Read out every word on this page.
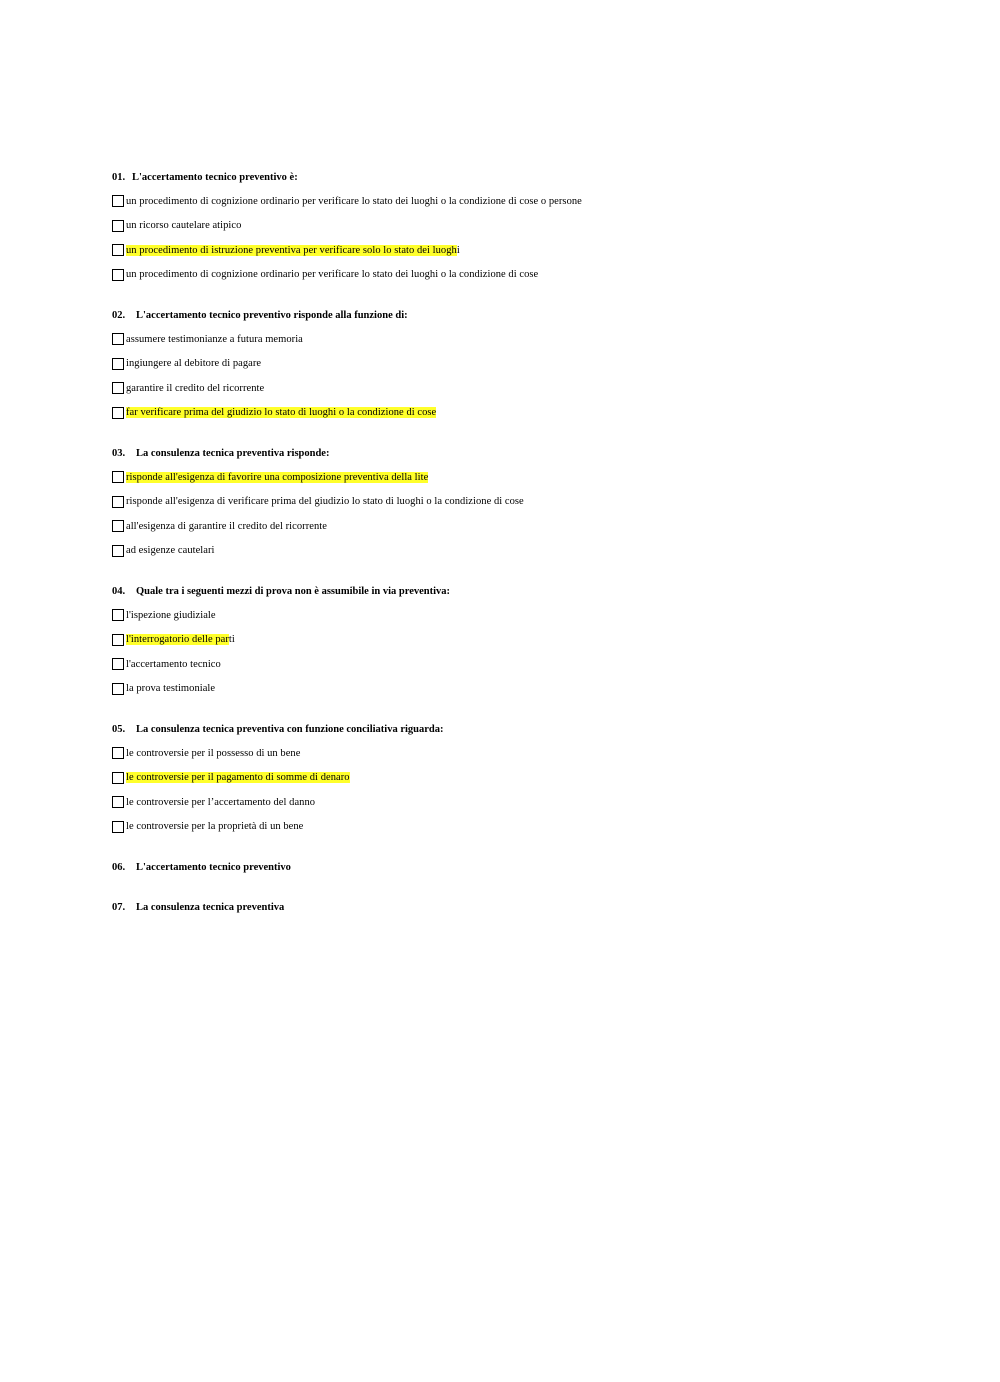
01. L'accertamento tecnico preventivo è:
un procedimento di cognizione ordinario per verificare lo stato dei luoghi o la condizione di cose o persone
un ricorso cautelare atipico
un procedimento di istruzione preventiva per verificare solo lo stato dei luoghi
un procedimento di cognizione ordinario per verificare lo stato dei luoghi o la condizione di cose
02. L'accertamento tecnico preventivo risponde alla funzione di:
assumere testimonianze a futura memoria
ingiungere al debitore di pagare
garantire il credito del ricorrente
far verificare prima del giudizio lo stato di luoghi o la condizione di cose
03. La consulenza tecnica preventiva risponde:
risponde all'esigenza di favorire una composizione preventiva della lite
risponde all'esigenza di verificare prima del giudizio lo stato di luoghi o la condizione di cose
all'esigenza di garantire il credito del ricorrente
ad esigenze cautelari
04. Quale tra i seguenti mezzi di prova non è assumibile in via preventiva:
l'ispezione giudiziale
l'interrogatorio delle parti
l'accertamento tecnico
la prova testimoniale
05. La consulenza tecnica preventiva con funzione conciliativa riguarda:
le controversie per il possesso di un bene
le controversie per il pagamento di somme di denaro
le controversie per l’accertamento del danno
le controversie per la proprietà di un bene
06. L'accertamento tecnico preventivo
07. La consulenza tecnica preventiva
